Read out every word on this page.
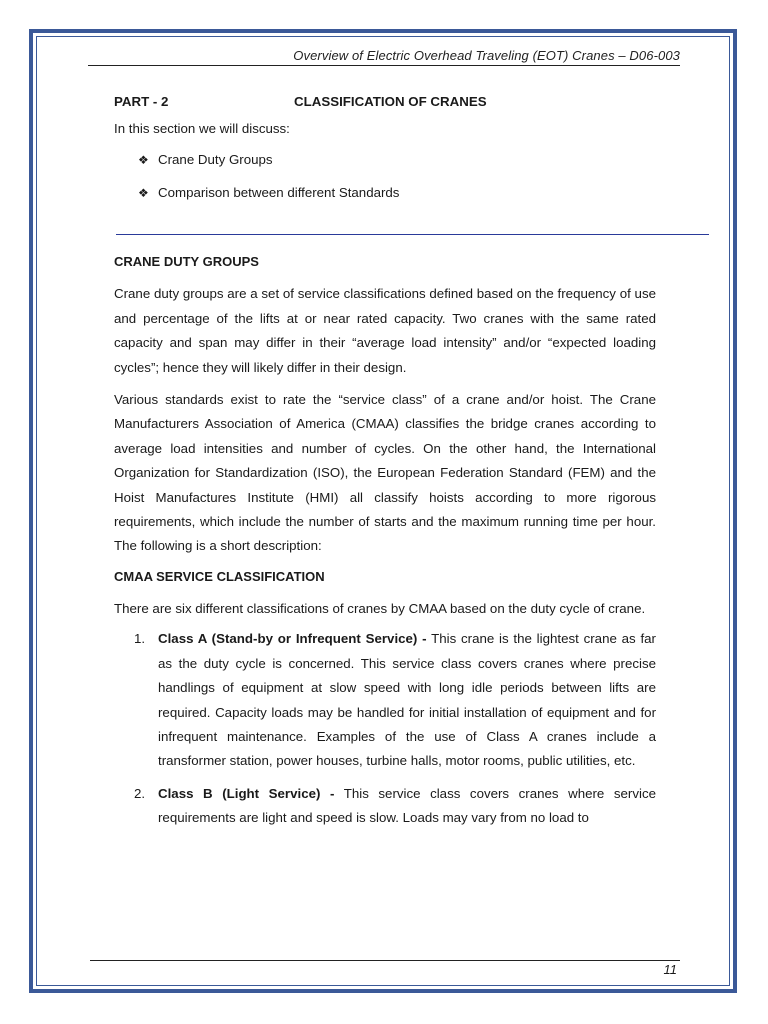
Overview of Electric Overhead Traveling (EOT) Cranes – D06-003
PART - 2	CLASSIFICATION OF CRANES

In this section we will discuss:

❖ Crane Duty Groups
❖ Comparison between different Standards
CRANE DUTY GROUPS

Crane duty groups are a set of service classifications defined based on the frequency of use and percentage of the lifts at or near rated capacity. Two cranes with the same rated capacity and span may differ in their “average load intensity” and/or “expected loading cycles”; hence they will likely differ in their design.

Various standards exist to rate the “service class” of a crane and/or hoist. The Crane Manufacturers Association of America (CMAA) classifies the bridge cranes according to average load intensities and number of cycles. On the other hand, the International Organization for Standardization (ISO), the European Federation Standard (FEM) and the Hoist Manufactures Institute (HMI) all classify hoists according to more rigorous requirements, which include the number of starts and the maximum running time per hour. The following is a short description:

CMAA SERVICE CLASSIFICATION

There are six different classifications of cranes by CMAA based on the duty cycle of crane.

1. Class A (Stand-by or Infrequent Service) - This crane is the lightest crane as far as the duty cycle is concerned. This service class covers cranes where precise handlings of equipment at slow speed with long idle periods between lifts are required. Capacity loads may be handled for initial installation of equipment and for infrequent maintenance. Examples of the use of Class A cranes include a transformer station, power houses, turbine halls, motor rooms, public utilities, etc.
2. Class B (Light Service) - This service class covers cranes where service requirements are light and speed is slow. Loads may vary from no load to
11
